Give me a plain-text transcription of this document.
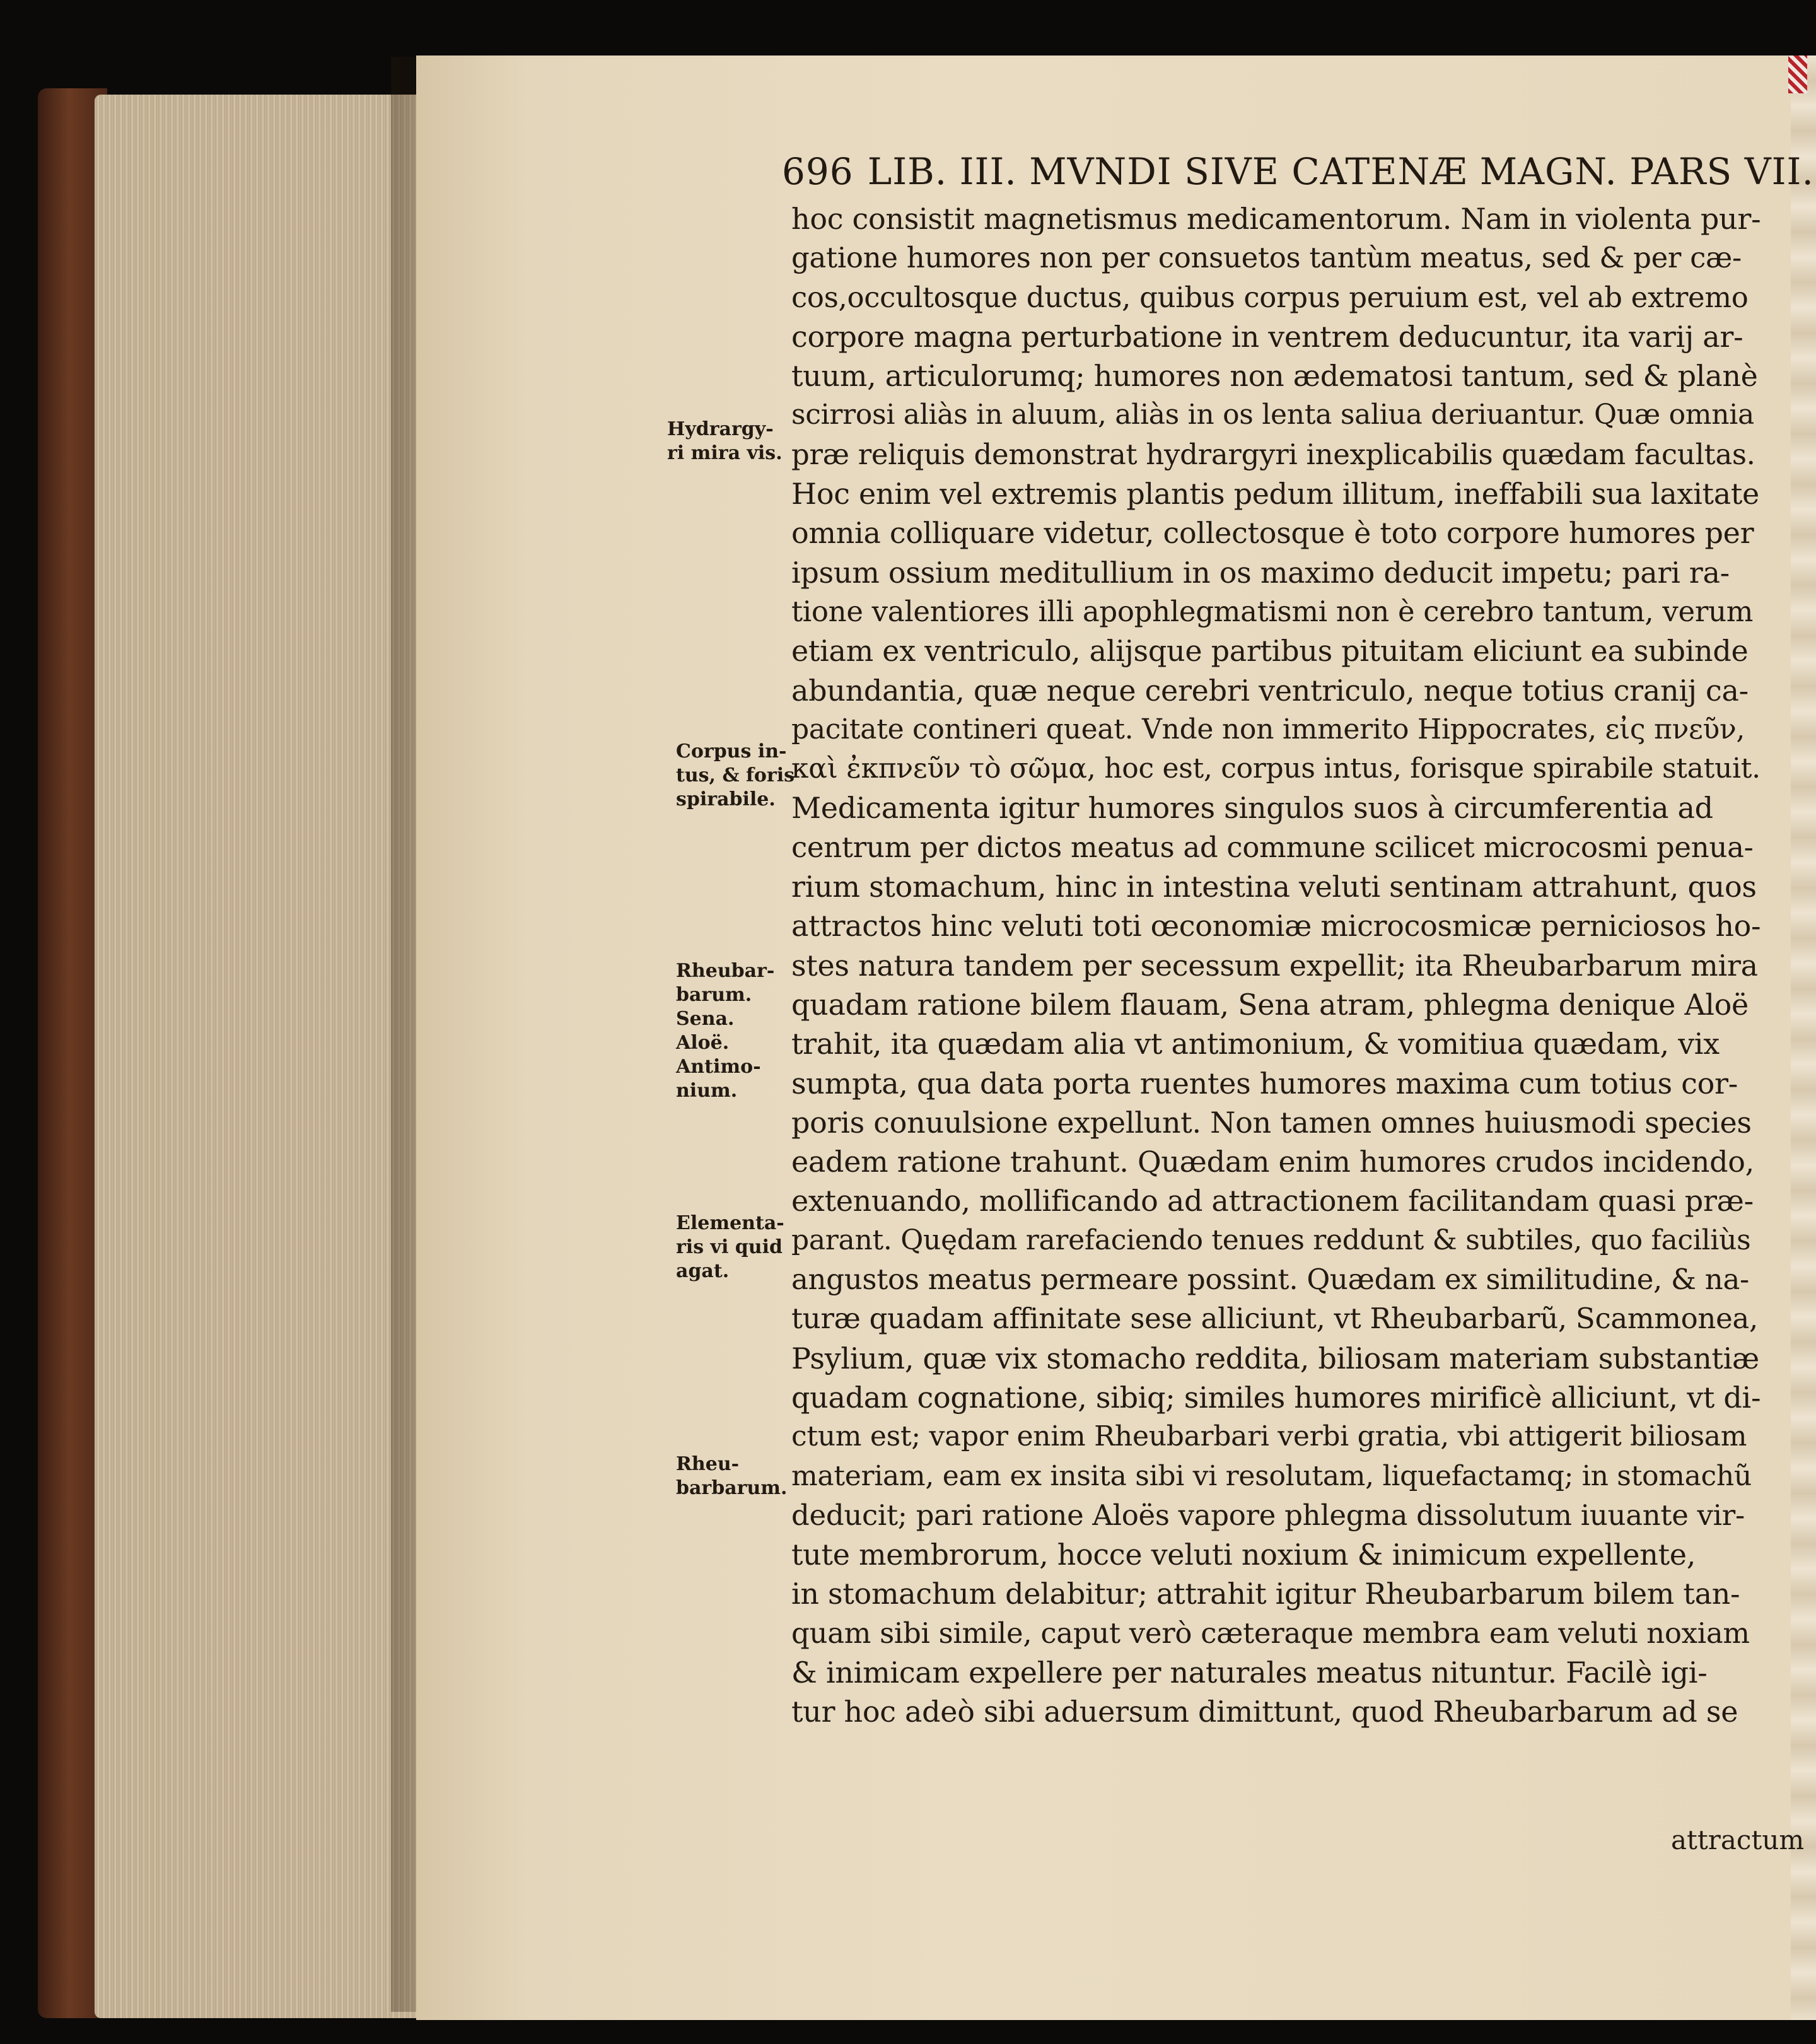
696 LIB. III. MVNDI SIVE CATENÆ MAGN. PARS VII.
hoc consistit magnetismus medicamentorum. Nam in violenta pur-
gatione humores non per consuetos tantùm meatus, sed & per cæ-
cos,occultosque ductus, quibus corpus peruium est, vel ab extremo
corpore magna perturbatione in ventrem deducuntur, ita varij ar-
tuum, articulorumq; humores non ædematosi tantum, sed & planè
scirrosi aliàs in aluum, aliàs in os lenta saliua deriuantur. Quæ omnia
præ reliquis demonstrat hydrargyri inexplicabilis quædam facultas.
Hoc enim vel extremis plantis pedum illitum, ineffabili sua laxitate
omnia colliquare videtur, collectosque è toto corpore humores per
ipsum ossium meditullium in os maximo deducit impetu; pari ra-
tione valentiores illi apophlegmatismi non è cerebro tantum, verum
etiam ex ventriculo, alijsque partibus pituitam eliciunt ea subinde
abundantia, quæ neque cerebri ventriculo, neque totius cranij ca-
pacitate contineri queat. Vnde non immerito Hippocrates, εἰς πνεῦν,
καὶ ἐκπνεῦν τὸ σῶμα, hoc est, corpus intus, forisque spirabile statuit.
Medicamenta igitur humores singulos suos à circumferentia ad
centrum per dictos meatus ad commune scilicet microcosmi penua-
rium stomachum, hinc in intestina veluti sentinam attrahunt, quos
attractos hinc veluti toti œconomiæ microcosmicæ perniciosos ho-
stes natura tandem per secessum expellit; ita Rheubarbarum mira
quadam ratione bilem flauam, Sena atram, phlegma denique Aloë
trahit, ita quædam alia vt antimonium, & vomitiua quædam, vix
sumpta, qua data porta ruentes humores maxima cum totius cor-
poris conuulsione expellunt. Non tamen omnes huiusmodi species
eadem ratione trahunt. Quædam enim humores crudos incidendo,
extenuando, mollificando ad attractionem facilitandam quasi præ-
parant. Quędam rarefaciendo tenues reddunt & subtiles, quo faciliùs
angustos meatus permeare possint. Quædam ex similitudine, & na-
turæ quadam affinitate sese alliciunt, vt Rheubarbarũ, Scammonea,
Psylium, quæ vix stomacho reddita, biliosam materiam substantiæ
quadam cognatione, sibiq; similes humores mirificè alliciunt, vt di-
ctum est; vapor enim Rheubarbari verbi gratia, vbi attigerit biliosam
materiam, eam ex insita sibi vi resolutam, liquefactamq; in stomachũ
deducit; pari ratione Aloës vapore phlegma dissolutum iuuante vir-
tute membrorum, hocce veluti noxium & inimicum expellente,
in stomachum delabitur; attrahit igitur Rheubarbarum bilem tan-
quam sibi simile, caput verò cæteraque membra eam veluti noxiam
& inimicam expellere per naturales meatus nituntur. Facilè igi-
tur hoc adeò sibi aduersum dimittunt, quod Rheubarbarum ad se
Hydrargy-
ri mira vis.
Corpus in-
tus, & foris
spirabile.
Rheubar-
barum.
Sena.
Aloë.
Antimo-
nium.
Elementa-
ris vi quid
agat.
Rheu-
barbarum.
attractum
